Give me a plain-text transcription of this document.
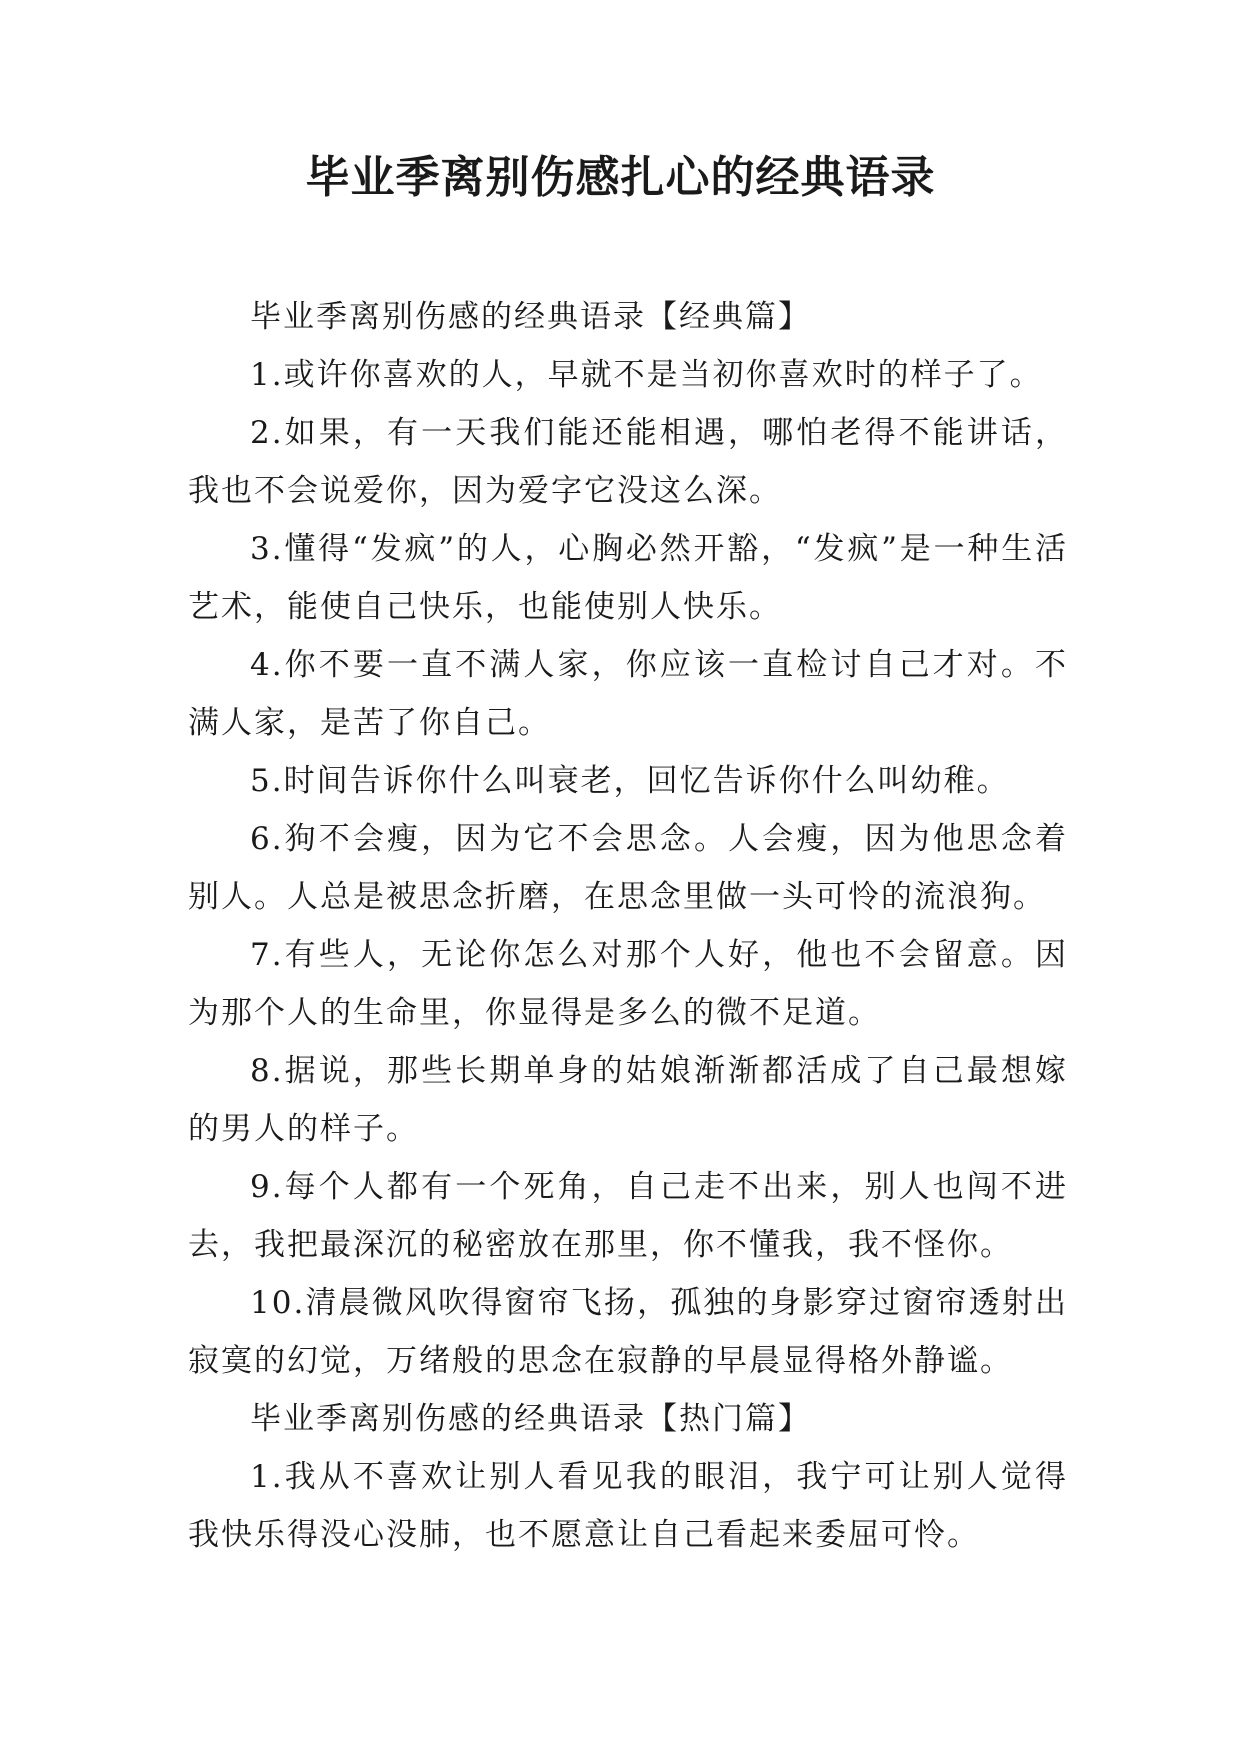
毕业季离别伤感扎心的经典语录

毕业季离别伤感的经典语录【经典篇】

1.或许你喜欢的人，早就不是当初你喜欢时的样子了。

2.如果，有一天我们能还能相遇，哪怕老得不能讲话，我也不会说爱你，因为爱字它没这么深。

3.懂得“发疯”的人，心胸必然开豁，“发疯”是一种生活艺术，能使自己快乐，也能使别人快乐。

4.你不要一直不满人家，你应该一直检讨自己才对。不满人家，是苦了你自己。

5.时间告诉你什么叫衰老，回忆告诉你什么叫幼稚。

6.狗不会瘦，因为它不会思念。人会瘦，因为他思念着别人。人总是被思念折磨，在思念里做一头可怜的流浪狗。

7.有些人，无论你怎么对那个人好，他也不会留意。因为那个人的生命里，你显得是多么的微不足道。

8.据说，那些长期单身的姑娘渐渐都活成了自己最想嫁的男人的样子。

9.每个人都有一个死角，自己走不出来，别人也闯不进去，我把最深沉的秘密放在那里，你不懂我，我不怪你。

10.清晨微风吹得窗帘飞扬，孤独的身影穿过窗帘透射出寂寞的幻觉，万绪般的思念在寂静的早晨显得格外静谧。

毕业季离别伤感的经典语录【热门篇】

1.我从不喜欢让别人看见我的眼泪，我宁可让别人觉得我快乐得没心没肺，也不愿意让自己看起来委屈可怜。
